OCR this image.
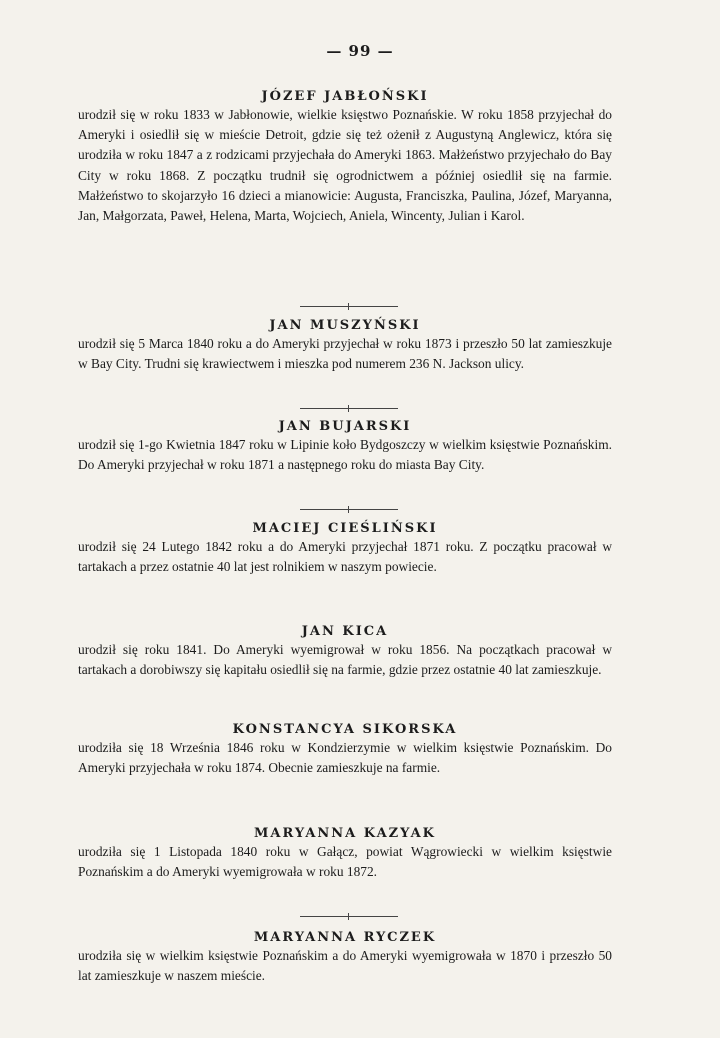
— 99 —
JÓZEF JABŁOŃSKI

urodził się w roku 1833 w Jabłonowie, wielkie księstwo Poznańskie. W roku 1858 przyjechał do Ameryki i osiedlił się w mieście Detroit, gdzie się też ożenił z Augustyną Anglewicz, która się urodziła w roku 1847 a z rodzicami przyjechała do Ameryki 1863. Małżeństwo przyjechało do Bay City w roku 1868. Z początku trudnił się ogrodnictwem a później osiedlił się na farmie. Małżeństwo to skojarzyło 16 dzieci a mianowicie: Augusta, Franciszka, Paulina, Józef, Maryanna, Jan, Małgorzata, Paweł, Helena, Marta, Wojciech, Aniela, Wincenty, Julian i Karol.

JAN MUSZYŃSKI

urodził się 5 Marca 1840 roku a do Ameryki przyjechał w roku 1873 i przeszło 50 lat zamieszkuje w Bay City. Trudni się krawiectwem i mieszka pod numerem 236 N. Jackson ulicy.

JAN BUJARSKI

urodził się 1-go Kwietnia 1847 roku w Lipinie koło Bydgoszczy w wielkim księstwie Poznańskim. Do Ameryki przyjechał w roku 1871 a następnego roku do miasta Bay City.

MACIEJ CIEŚLIŃSKI

urodził się 24 Lutego 1842 roku a do Ameryki przyjechał 1871 roku. Z początku pracował w tartakach a przez ostatnie 40 lat jest rolnikiem w naszym powiecie.

JAN KICA

urodził się roku 1841. Do Ameryki wyemigrował w roku 1856. Na początkach pracował w tartakach a dorobiwszy się kapitału osiedlił się na farmie, gdzie przez ostatnie 40 lat zamieszkuje.

KONSTANCYA SIKORSKA

urodziła się 18 Września 1846 roku w Kondzierzymie w wielkim księstwie Poznańskim. Do Ameryki przyjechała w roku 1874. Obecnie zamieszkuje na farmie.

MARYANNA KAZYAK

urodziła się 1 Listopada 1840 roku w Gałącz, powiat Wągrowiecki w wielkim księstwie Poznańskim a do Ameryki wyemigrowała w roku 1872.

MARYANNA RYCZEK

urodziła się w wielkim księstwie Poznańskim a do Ameryki wyemigrowała w 1870 i przeszło 50 lat zamieszkuje w naszem mieście.
